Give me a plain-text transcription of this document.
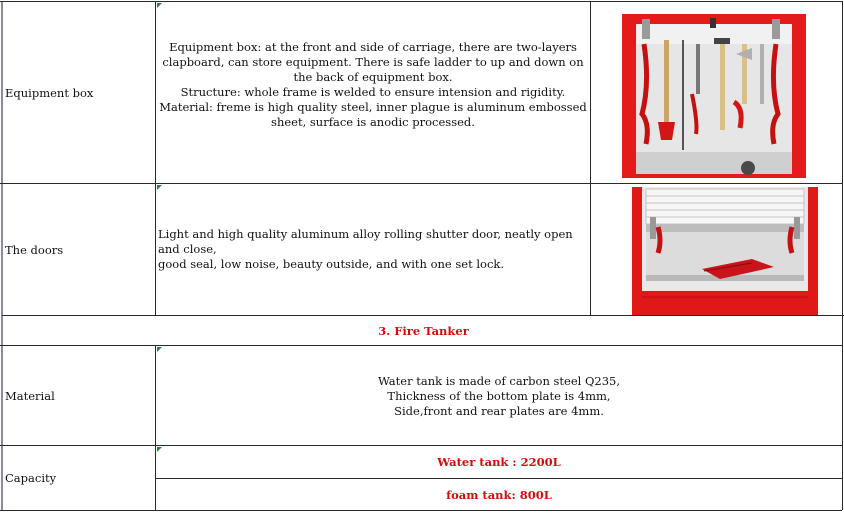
Equipment box
Equipment box: at the front and side of carriage, there are two-layers
clapboard, can store equipment. There is safe ladder to up and down on
the back of equipment box.
Structure: whole frame is welded to ensure intension and rigidity.
Material: freme is high quality steel, inner plague is aluminum embossed
sheet, surface is anodic processed.
The doors
Light and high quality aluminum alloy rolling shutter door, neatly open and close,
good seal, low noise, beauty outside, and with one set lock.
3. Fire Tanker
Material
Water tank is made of carbon steel Q235,
Thickness of the bottom plate is 4mm,
Side,front and rear plates are 4mm.
Capacity
Water tank : 2200L
foam tank: 800L
